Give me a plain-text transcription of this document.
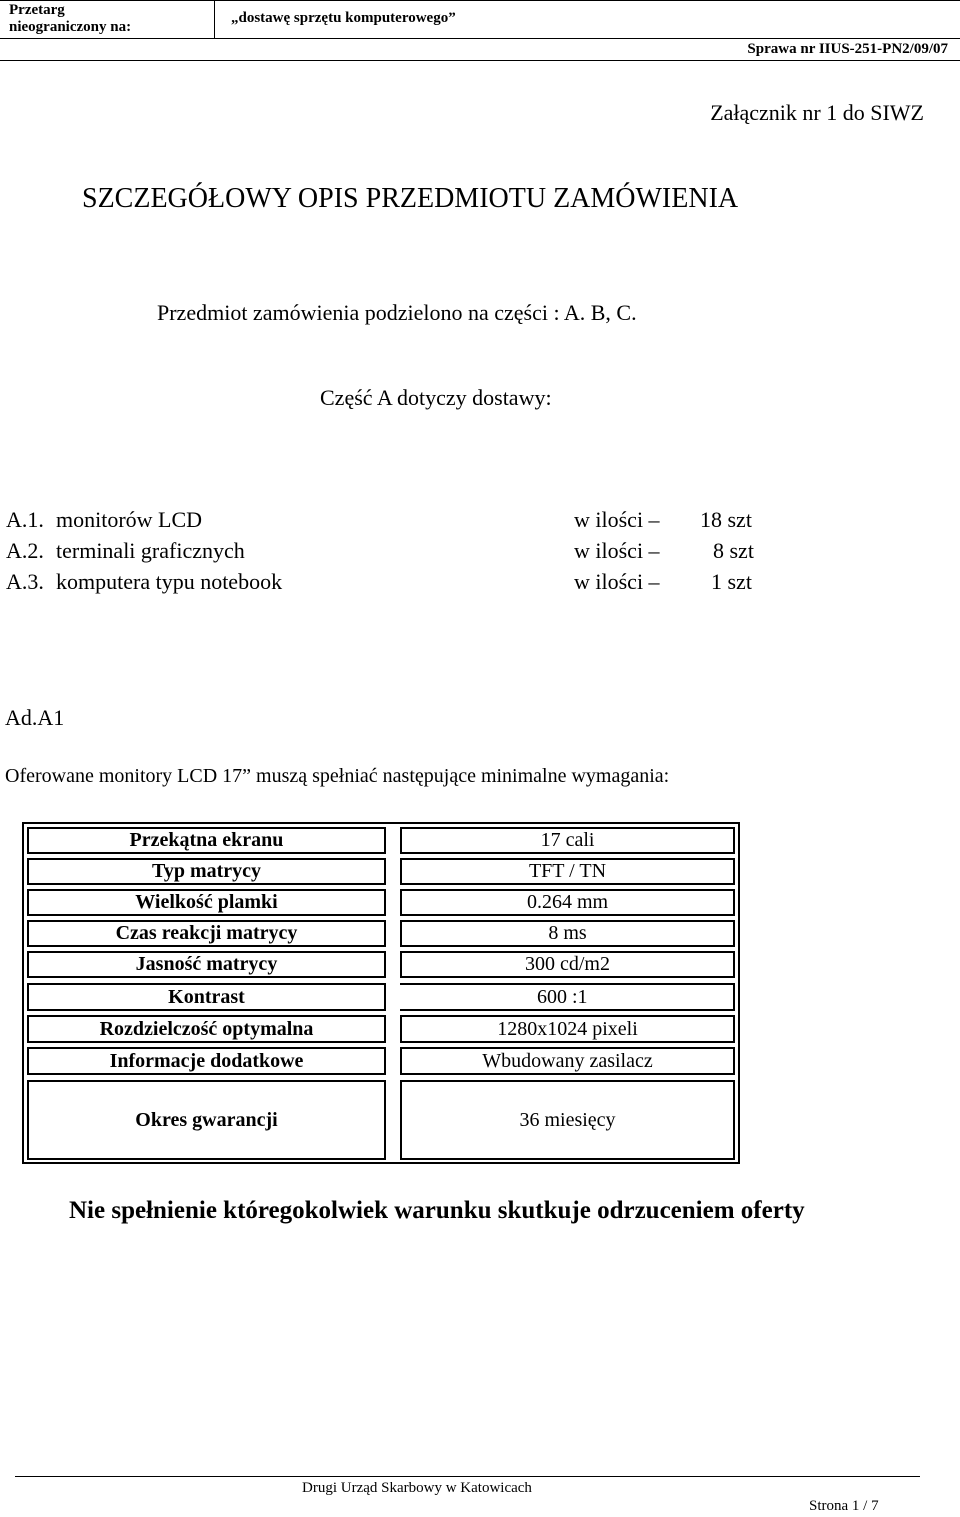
Przetarg
nieograniczony na:
„dostawę sprzętu komputerowego”
Sprawa nr IIUS-251-PN2/09/07
Załącznik nr 1 do SIWZ
SZCZEGÓŁOWY OPIS PRZEDMIOTU ZAMÓWIENIA
Przedmiot zamówienia podzielono na części : A. B, C.
Część A dotyczy dostawy:
A.1. monitorów LCD	w ilości – 18 szt
A.2. terminali graficznych	w ilości – 8 szt
A.3. komputera typu notebook	w ilości – 1 szt
Ad.A1
Oferowane monitory LCD 17” muszą spełniać następujące minimalne wymagania:
Przekątna ekranu	17 cali
Typ matrycy	TFT / TN
Wielkość plamki	0.264 mm
Czas reakcji matrycy	8 ms
Jasność matrycy	300 cd/m2
Kontrast	600 :1
Rozdzielczość optymalna	1280x1024 pixeli
Informacje dodatkowe	Wbudowany zasilacz
Okres gwarancji	36 miesięcy
Nie spełnienie któregokolwiek warunku skutkuje odrzuceniem oferty
Drugi Urząd Skarbowy w Katowicach
Strona 1 / 7
